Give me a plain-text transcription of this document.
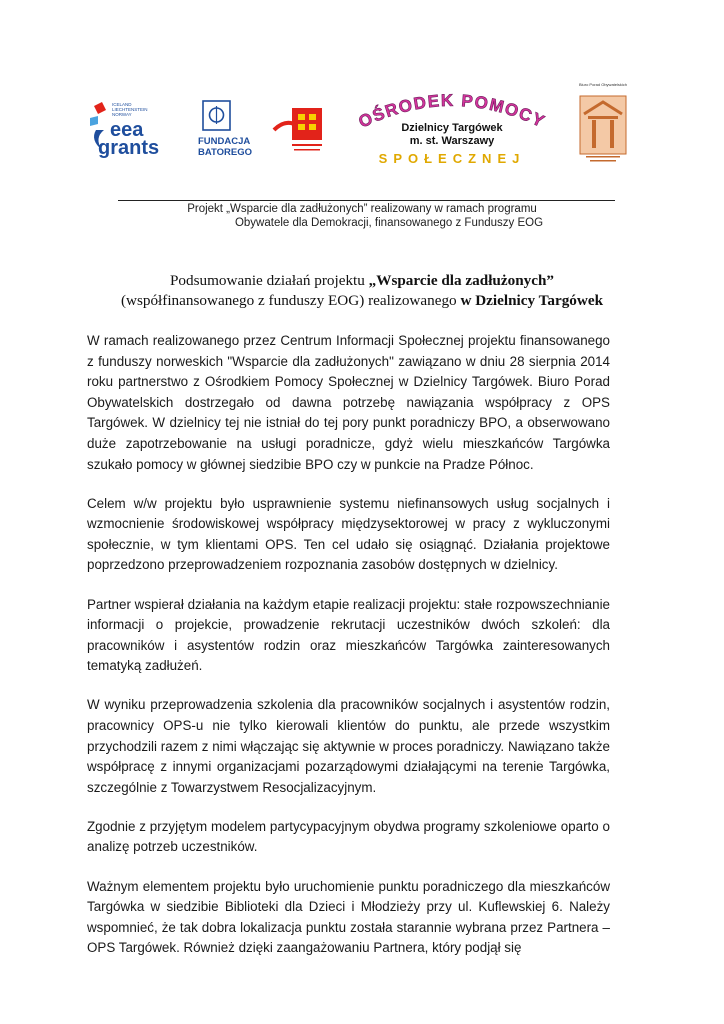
ICELAND LIECHTENSTEIN NORWAY
eea
grants	FUNDACJA
BATOREGO
OŚRODEK POMOCY
Dzielnicy Targówek
m. st. Warszawy
SPOŁECZNEJ
Biuro Porad Obywatelskich
Projekt „Wsparcie dla zadłużonych” realizowany w ramach programu
Obywatele dla Demokracji, finansowanego z Funduszy EOG
Podsumowanie działań projektu „Wsparcie dla zadłużonych”
(współfinansowanego z funduszy EOG) realizowanego w Dzielnicy Targówek

W ramach realizowanego przez Centrum Informacji Społecznej projektu finansowanego z funduszy norweskich "Wsparcie dla zadłużonych" zawiązano w dniu 28 sierpnia 2014 roku partnerstwo z Ośrodkiem Pomocy Społecznej w Dzielnicy Targówek. Biuro Porad Obywatelskich dostrzegało od dawna potrzebę nawiązania współpracy z OPS Targówek. W dzielnicy tej nie istniał do tej pory punkt poradniczy BPO, a obserwowano duże zapotrzebowanie na usługi poradnicze, gdyż wielu mieszkańców Targówka szukało pomocy w głównej siedzibie BPO czy w punkcie na Pradze Północ.

Celem w/w projektu było usprawnienie systemu niefinansowych usług socjalnych i wzmocnienie środowiskowej współpracy międzysektorowej w pracy z wykluczonymi społecznie, w tym klientami OPS. Ten cel udało się osiągnąć. Działania projektowe poprzedzono przeprowadzeniem rozpoznania zasobów dostępnych w dzielnicy.

Partner wspierał działania na każdym etapie realizacji projektu: stałe rozpowszechnianie informacji o projekcie, prowadzenie rekrutacji uczestników dwóch szkoleń: dla pracowników i asystentów rodzin oraz mieszkańców Targówka zainteresowanych tematyką zadłużeń.

W wyniku przeprowadzenia szkolenia dla pracowników socjalnych i asystentów rodzin, pracownicy OPS-u nie tylko kierowali klientów do punktu, ale przede wszystkim przychodzili razem z nimi włączając się aktywnie w proces poradniczy. Nawiązano także współpracę z innymi organizacjami pozarządowymi działającymi na terenie Targówka, szczególnie z Towarzystwem Resocjalizacyjnym.

Zgodnie z przyjętym modelem partycypacyjnym obydwa programy szkoleniowe oparto o analizę potrzeb uczestników.

Ważnym elementem projektu było uruchomienie punktu poradniczego dla mieszkańców Targówka w siedzibie Biblioteki dla Dzieci i Młodzieży przy ul. Kuflewskiej 6. Należy wspomnieć, że tak dobra lokalizacja punktu została starannie wybrana przez Partnera – OPS Targówek. Również dzięki zaangażowaniu Partnera, który podjął się
